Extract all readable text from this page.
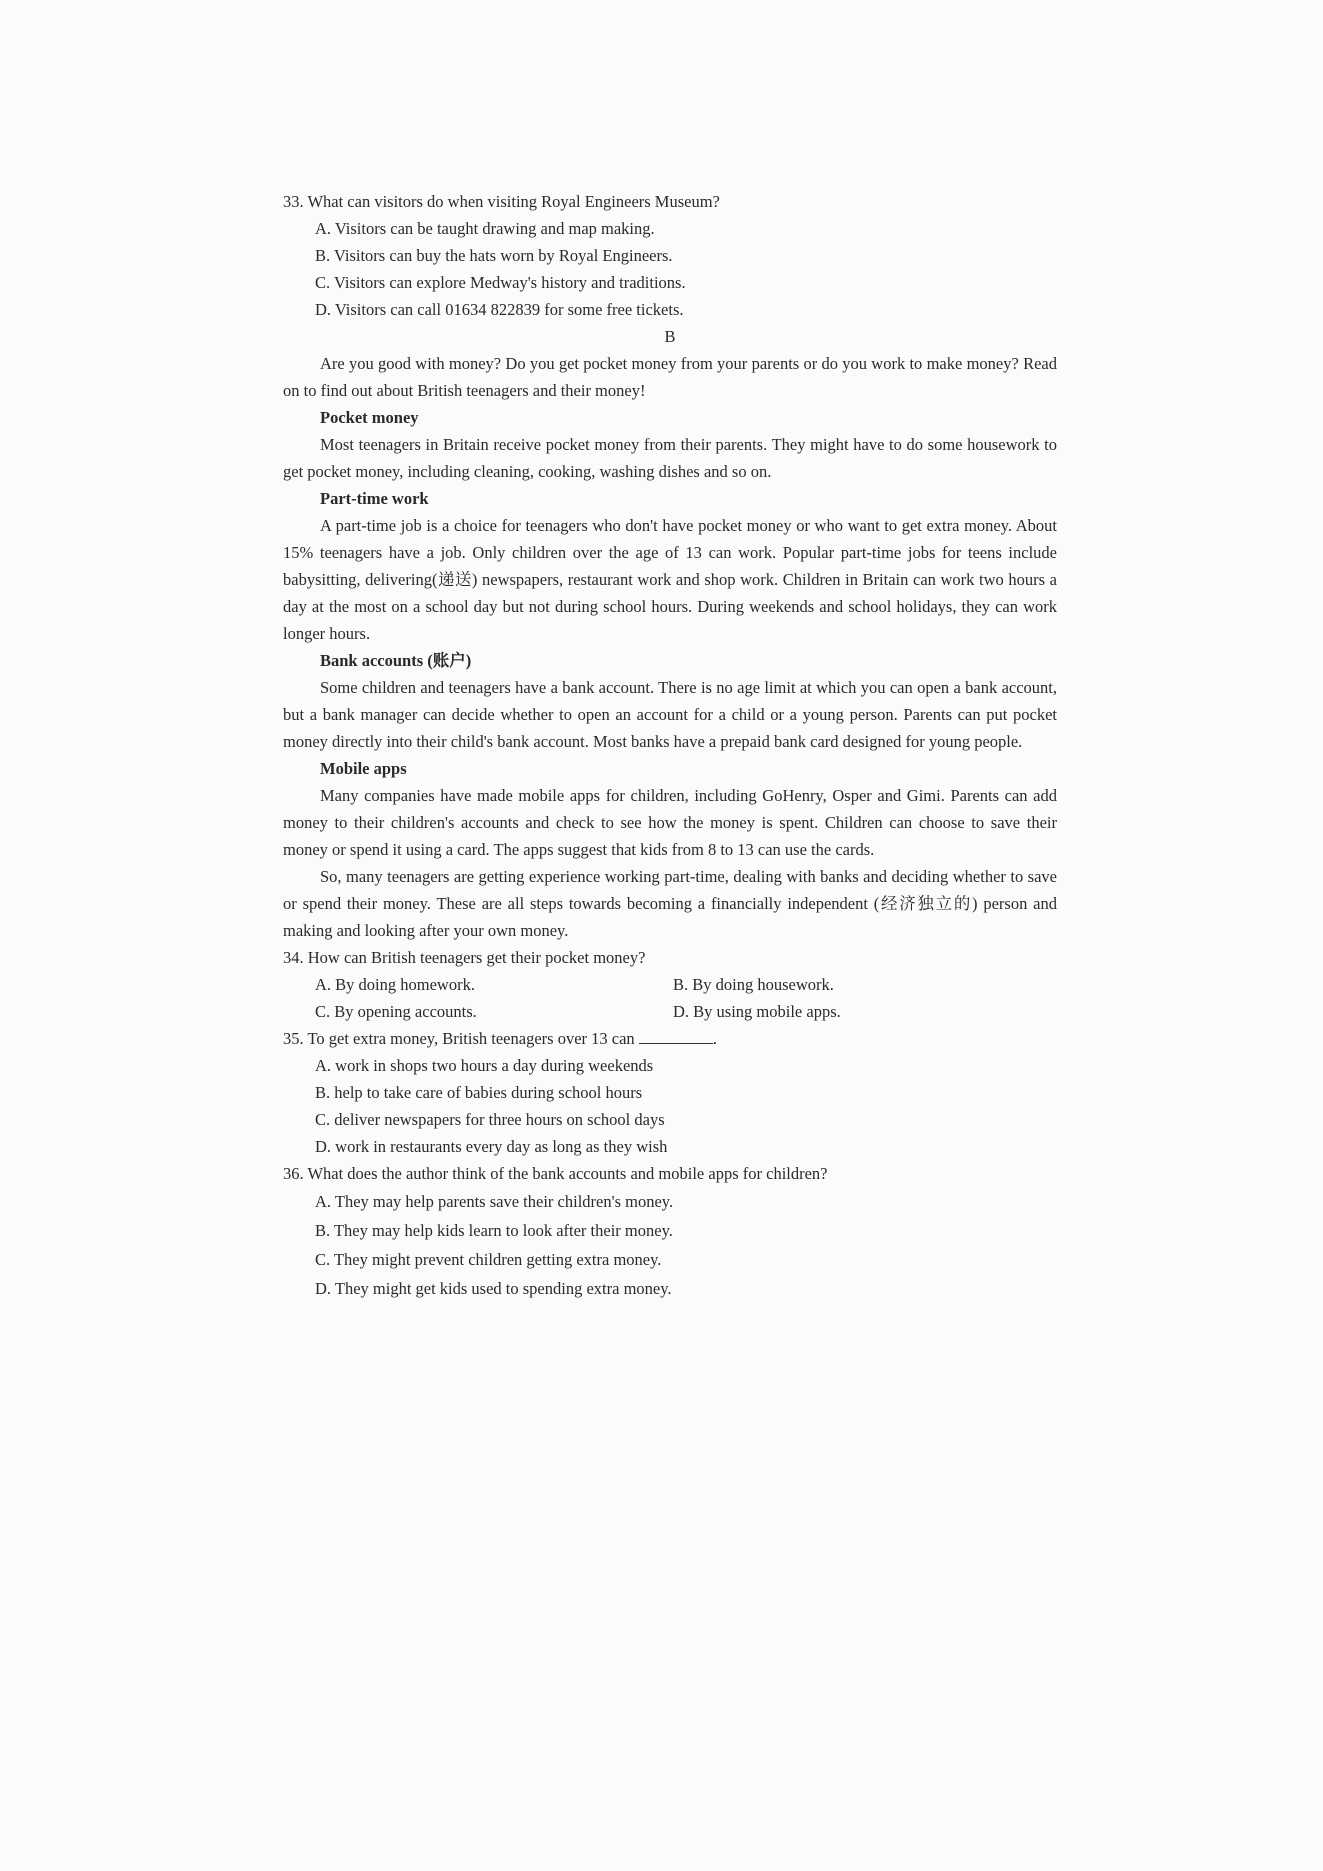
33. What can visitors do when visiting Royal Engineers Museum?

A. Visitors can be taught drawing and map making.

B. Visitors can buy the hats worn by Royal Engineers.

C. Visitors can explore Medway's history and traditions.

D. Visitors can call 01634 822839 for some free tickets.

B

Are you good with money? Do you get pocket money from your parents or do you work to make money? Read on to find out about British teenagers and their money!

Pocket money

Most teenagers in Britain receive pocket money from their parents. They might have to do some housework to get pocket money, including cleaning, cooking, washing dishes and so on.

Part-time work

A part-time job is a choice for teenagers who don't have pocket money or who want to get extra money. About 15% teenagers have a job. Only children over the age of 13 can work. Popular part-time jobs for teens include babysitting, delivering(递送) newspapers, restaurant work and shop work. Children in Britain can work two hours a day at the most on a school day but not during school hours. During weekends and school holidays, they can work longer hours.

Bank accounts (账户)

Some children and teenagers have a bank account. There is no age limit at which you can open a bank account, but a bank manager can decide whether to open an account for a child or a young person. Parents can put pocket money directly into their child's bank account. Most banks have a prepaid bank card designed for young people.

Mobile apps

Many companies have made mobile apps for children, including GoHenry, Osper and Gimi. Parents can add money to their children's accounts and check to see how the money is spent. Children can choose to save their money or spend it using a card. The apps suggest that kids from 8 to 13 can use the cards.

So, many teenagers are getting experience working part-time, dealing with banks and deciding whether to save or spend their money. These are all steps towards becoming a financially independent (经济独立的) person and making and looking after your own money.

34. How can British teenagers get their pocket money?

A. By doing homework.	B. By doing housework.
C. By opening accounts.	D. By using mobile apps.

35. To get extra money, British teenagers over 13 can	.

A. work in shops two hours a day during weekends

B. help to take care of babies during school hours

C. deliver newspapers for three hours on school days

D. work in restaurants every day as long as they wish

36. What does the author think of the bank accounts and mobile apps for children?

A. They may help parents save their children's money.

B. They may help kids learn to look after their money.

C. They might prevent children getting extra money.

D. They might get kids used to spending extra money.
